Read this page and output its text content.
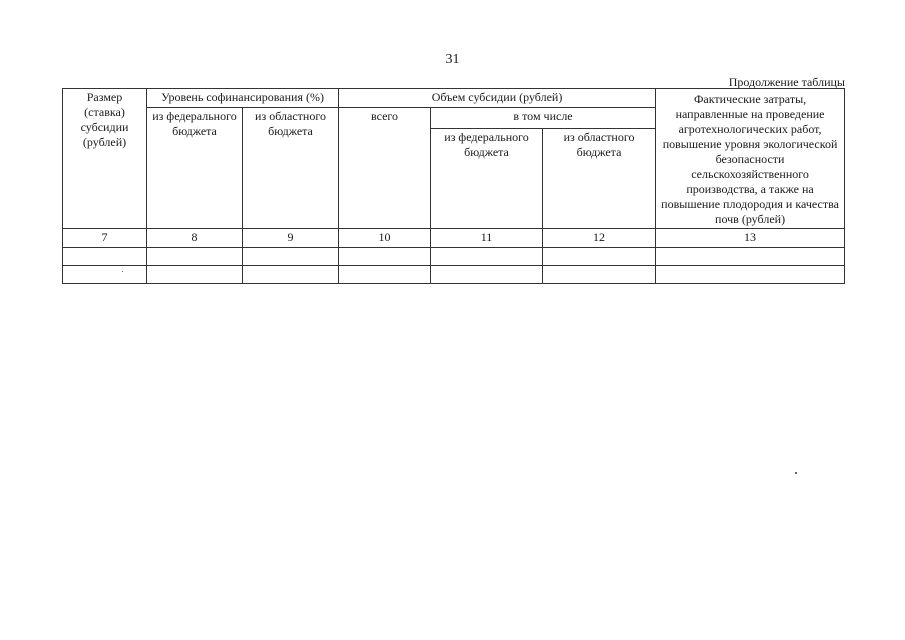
31
Продолжение таблицы
Размер (ставка) субсидии (рублей)	Уровень софинансирования (%)		Объем субсидии (рублей)			Фактические затраты, направленные на проведение агротехнологических работ, повышение уровня экологической безопасности сельскохозяйственного производства, а также на повышение плодородия и качества почв (рублей)
	из федерального бюджета	из областного бюджета	всего	в том числе		
				из федерального бюджета	из областного бюджета	
7	8	9	10	11	12	13
